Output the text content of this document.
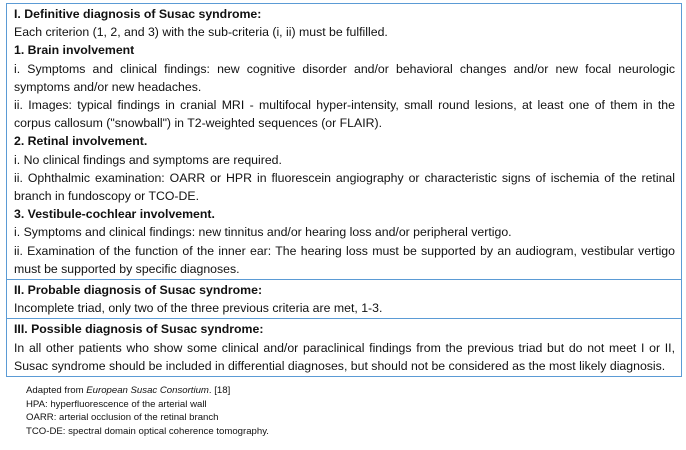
I. Definitive diagnosis of Susac syndrome:

Each criterion (1, 2, and 3) with the sub-criteria (i, ii) must be fulfilled.

1. Brain involvement

i. Symptoms and clinical findings: new cognitive disorder and/or behavioral changes and/or new focal neurologic symptoms and/or new headaches.

ii. Images: typical findings in cranial MRI - multifocal hyper-intensity, small round lesions, at least one of them in the corpus callosum ("snowball") in T2-weighted sequences (or FLAIR).

2. Retinal involvement.

i. No clinical findings and symptoms are required.

ii. Ophthalmic examination: OARR or HPR in fluorescein angiography or characteristic signs of ischemia of the retinal branch in fundoscopy or TCO-DE.

3. Vestibule-cochlear involvement.

i. Symptoms and clinical findings: new tinnitus and/or hearing loss and/or peripheral vertigo.

ii. Examination of the function of the inner ear: The hearing loss must be supported by an audiogram, vestibular vertigo must be supported by specific diagnoses.

II. Probable diagnosis of Susac syndrome:

Incomplete triad, only two of the three previous criteria are met, 1-3.

III. Possible diagnosis of Susac syndrome:

In all other patients who show some clinical and/or paraclinical findings from the previous triad but do not meet I or II, Susac syndrome should be included in differential diagnoses, but should not be considered as the most likely diagnosis.

Adapted from European Susac Consortium. [18]
HPA: hyperfluorescence of the arterial wall
OARR: arterial occlusion of the retinal branch
TCO-DE: spectral domain optical coherence tomography.
